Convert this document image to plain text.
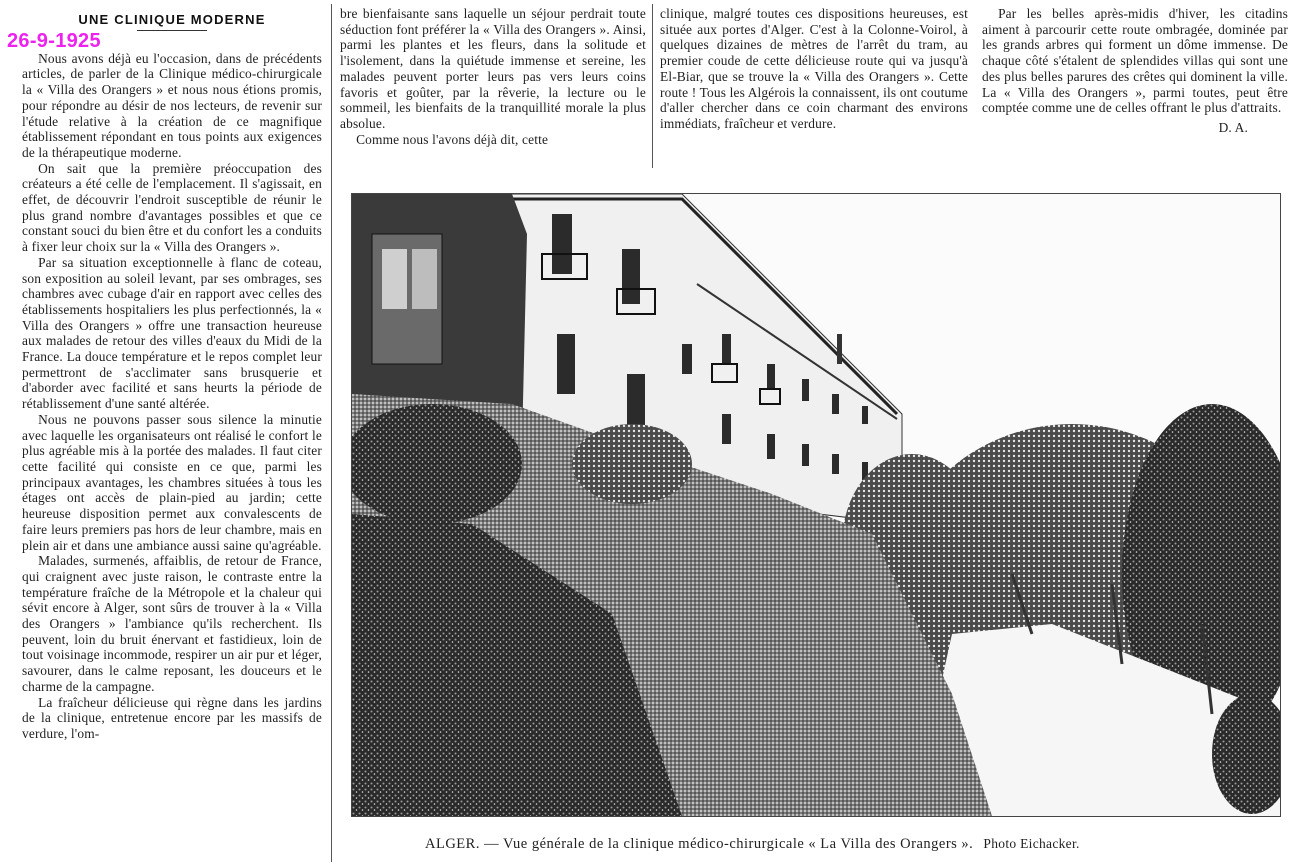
26-9-1925
UNE CLINIQUE MODERNE

Nous avons déjà eu l'occasion, dans de précédents articles, de parler de la Clinique médico-chirurgicale la « Villa des Orangers » et nous nous étions promis, pour répondre au désir de nos lecteurs, de revenir sur l'étude relative à la création de ce magnifique établissement répondant en tous points aux exigences de la thérapeutique moderne.

On sait que la première préoccupation des créateurs a été celle de l'emplacement. Il s'agissait, en effet, de découvrir l'endroit susceptible de réunir le plus grand nombre d'avantages possibles et que ce constant souci du bien être et du confort les a conduits à fixer leur choix sur la « Villa des Orangers ».

Par sa situation exceptionnelle à flanc de coteau, son exposition au soleil levant, par ses ombrages, ses chambres avec cubage d'air en rapport avec celles des établissements hospitaliers les plus perfectionnés, la « Villa des Orangers » offre une transaction heureuse aux malades de retour des villes d'eaux du Midi de la France. La douce température et le repos complet leur permettront de s'acclimater sans brusquerie et d'aborder avec facilité et sans heurts la période de rétablissement d'une santé altérée.

Nous ne pouvons passer sous silence la minutie avec laquelle les organisateurs ont réalisé le confort le plus agréable mis à la portée des malades. Il faut citer cette facilité qui consiste en ce que, parmi les principaux avantages, les chambres situées à tous les étages ont accès de plain-pied au jardin; cette heureuse disposition permet aux convalescents de faire leurs premiers pas hors de leur chambre, mais en plein air et dans une ambiance aussi saine qu'agréable.

Malades, surmenés, affaiblis, de retour de France, qui craignent avec juste raison, le contraste entre la température fraîche de la Métropole et la chaleur qui sévit encore à Alger, sont sûrs de trouver à la « Villa des Orangers » l'ambiance qu'ils recherchent. Ils peuvent, loin du bruit énervant et fastidieux, loin de tout voisinage incommode, respirer un air pur et léger, savourer, dans le calme reposant, les douceurs et le charme de la campagne.

La fraîcheur délicieuse qui règne dans les jardins de la clinique, entretenue encore par les massifs de verdure, l'om-

bre bienfaisante sans laquelle un séjour perdrait toute séduction font préférer la « Villa des Orangers ». Ainsi, parmi les plantes et les fleurs, dans la solitude et l'isolement, dans la quiétude immense et sereine, les malades peuvent porter leurs pas vers leurs coins favoris et goûter, par la rêverie, la lecture ou le sommeil, les bienfaits de la tranquillité morale la plus absolue.

Comme nous l'avons déjà dit, cette

clinique, malgré toutes ces dispositions heureuses, est située aux portes d'Alger. C'est à la Colonne-Voirol, à quelques dizaines de mètres de l'arrêt du tram, au premier coude de cette délicieuse route qui va jusqu'à El-Biar, que se trouve la « Villa des Orangers ». Cette route ! Tous les Algérois la connaissent, ils ont coutume d'aller chercher dans ce coin charmant des environs immédiats, fraîcheur et verdure.

Par les belles après-midis d'hiver, les citadins aiment à parcourir cette route ombragée, dominée par les grands arbres qui forment un dôme immense. De chaque côté s'étalent de splendides villas qui sont une des plus belles parures des crêtes qui dominent la ville. La « Villa des Orangers », parmi toutes, peut être comptée comme une de celles offrant le plus d'attraits.

D. A.
ALGER. — Vue générale de la clinique médico-chirurgicale « La Villa des Orangers ». Photo Eichacker.
